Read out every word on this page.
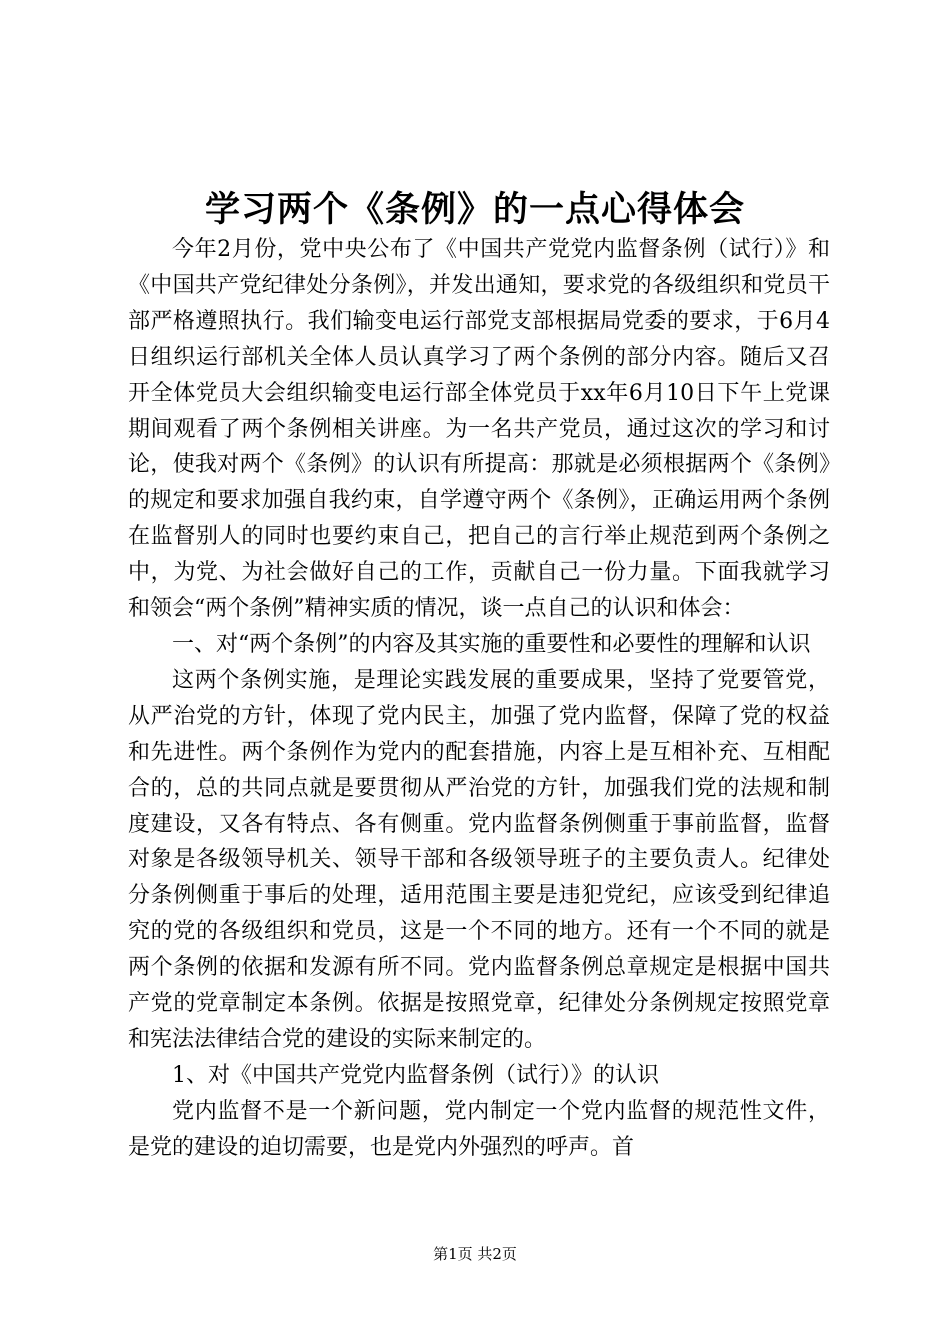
学习两个《条例》的一点心得体会

今年2月份，党中央公布了《中国共产党党内监督条例（试行）》和《中国共产党纪律处分条例》，并发出通知，要求党的各级组织和党员干部严格遵照执行。我们输变电运行部党支部根据局党委的要求，于6月4日组织运行部机关全体人员认真学习了两个条例的部分内容。随后又召开全体党员大会组织输变电运行部全体党员于xx年6月10日下午上党课期间观看了两个条例相关讲座。为一名共产党员，通过这次的学习和讨论，使我对两个《条例》的认识有所提高：那就是必须根据两个《条例》的规定和要求加强自我约束，自学遵守两个《条例》，正确运用两个条例在监督别人的同时也要约束自己，把自己的言行举止规范到两个条例之中，为党、为社会做好自己的工作，贡献自己一份力量。下面我就学习和领会“两个条例”精神实质的情况，谈一点自己的认识和体会：

一、对“两个条例”的内容及其实施的重要性和必要性的理解和认识

这两个条例实施，是理论实践发展的重要成果，坚持了党要管党，从严治党的方针，体现了党内民主，加强了党内监督，保障了党的权益和先进性。两个条例作为党内的配套措施，内容上是互相补充、互相配合的，总的共同点就是要贯彻从严治党的方针，加强我们党的法规和制度建设，又各有特点、各有侧重。党内监督条例侧重于事前监督，监督对象是各级领导机关、领导干部和各级领导班子的主要负责人。纪律处分条例侧重于事后的处理，适用范围主要是违犯党纪，应该受到纪律追究的党的各级组织和党员，这是一个不同的地方。还有一个不同的就是两个条例的依据和发源有所不同。党内监督条例总章规定是根据中国共产党的党章制定本条例。依据是按照党章，纪律处分条例规定按照党章和宪法法律结合党的建设的实际来制定的。

1、对《中国共产党党内监督条例（试行）》的认识

党内监督不是一个新问题，党内制定一个党内监督的规范性文件，是党的建设的迫切需要，也是党内外强烈的呼声。首

第1页 共2页
